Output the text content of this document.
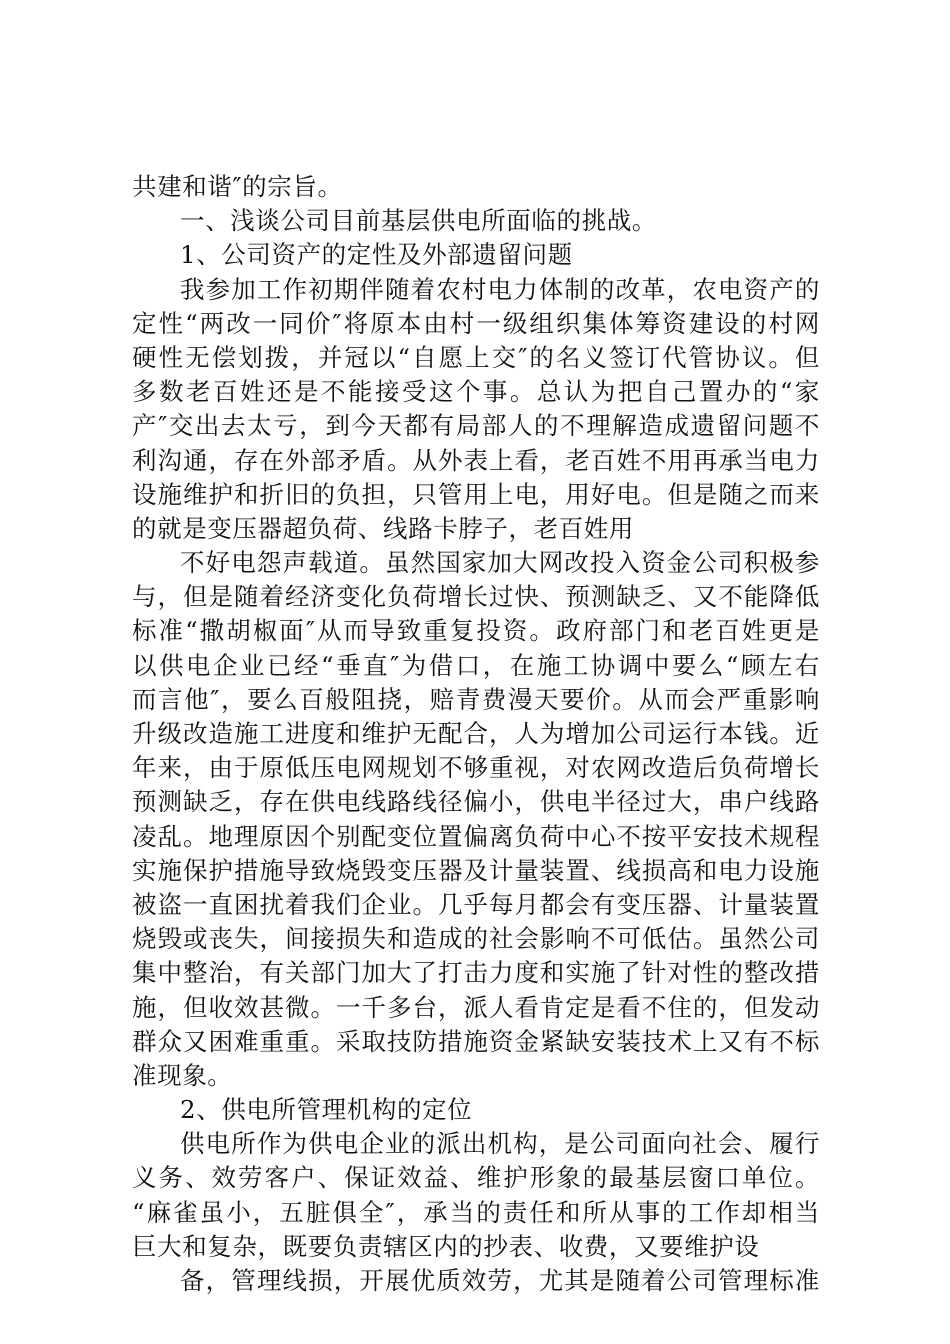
共建和谐″的宗旨。
一、浅谈公司目前基层供电所面临的挑战。
1、公司资产的定性及外部遗留问题
我参加工作初期伴随着农村电力体制的改革，农电资产的
定性“两改一同价″将原本由村一级组织集体筹资建设的村网
硬性无偿划拨，并冠以“自愿上交″的名义签订代管协议。但
多数老百姓还是不能接受这个事。总认为把自己置办的“家
产″交出去太亏，到今天都有局部人的不理解造成遗留问题不
利沟通，存在外部矛盾。从外表上看，老百姓不用再承当电力
设施维护和折旧的负担，只管用上电，用好电。但是随之而来
的就是变压器超负荷、线路卡脖子，老百姓用
不好电怨声载道。虽然国家加大网改投入资金公司积极参
与，但是随着经济变化负荷增长过快、预测缺乏、又不能降低
标准“撒胡椒面″从而导致重复投资。政府部门和老百姓更是
以供电企业已经“垂直″为借口，在施工协调中要么“顾左右
而言他″，要么百般阻挠，赔青费漫天要价。从而会严重影响
升级改造施工进度和维护无配合，人为增加公司运行本钱。近
年来，由于原低压电网规划不够重视，对农网改造后负荷增长
预测缺乏，存在供电线路线径偏小，供电半径过大，串户线路
凌乱。地理原因个别配变位置偏离负荷中心不按平安技术规程
实施保护措施导致烧毁变压器及计量装置、线损高和电力设施
被盗一直困扰着我们企业。几乎每月都会有变压器、计量装置
烧毁或丧失，间接损失和造成的社会影响不可低估。虽然公司
集中整治，有关部门加大了打击力度和实施了针对性的整改措
施，但收效甚微。一千多台，派人看肯定是看不住的，但发动
群众又困难重重。采取技防措施资金紧缺安装技术上又有不标
准现象。
2、供电所管理机构的定位
供电所作为供电企业的派出机构，是公司面向社会、履行
义务、效劳客户、保证效益、维护形象的最基层窗口单位。
“麻雀虽小，五脏俱全″，承当的责任和所从事的工作却相当
巨大和复杂，既要负责辖区内的抄表、收费，又要维护设
备，管理线损，开展优质效劳，尤其是随着公司管理标准
